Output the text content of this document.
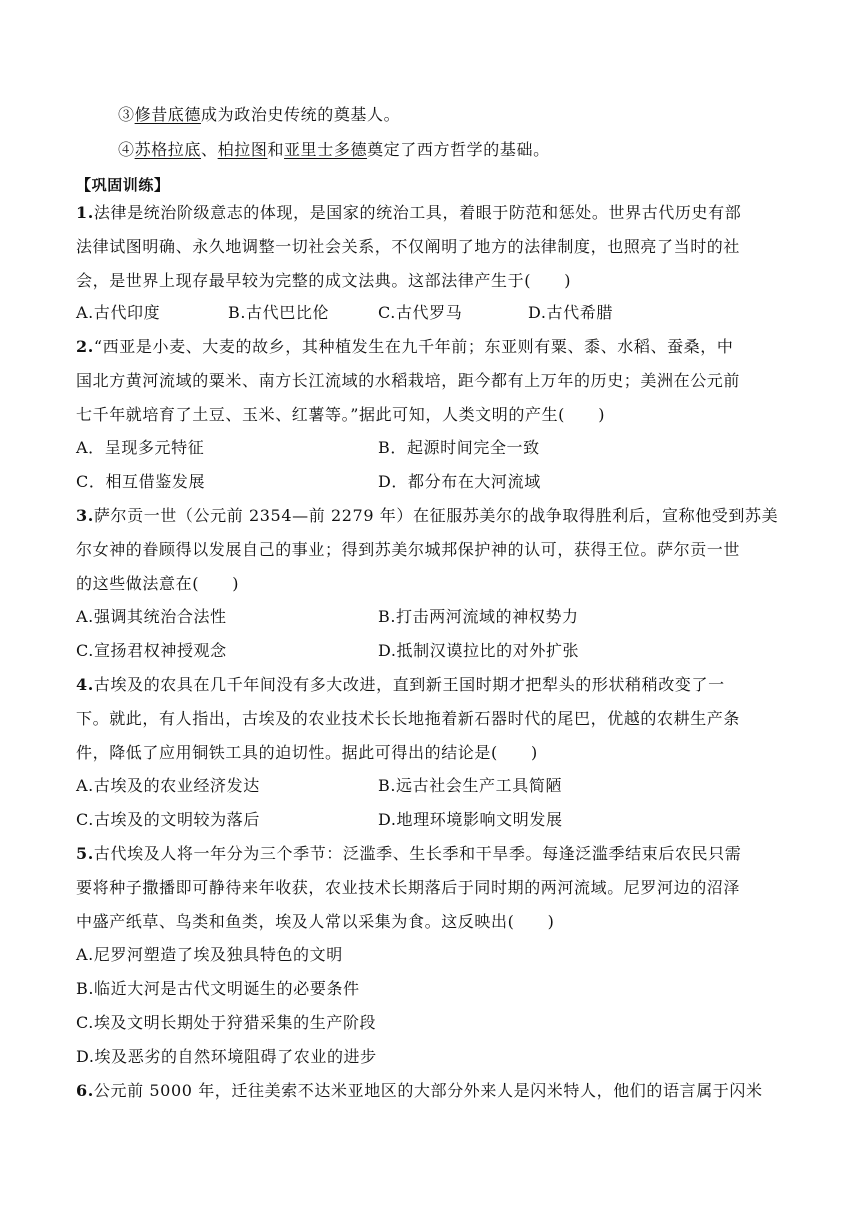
③修昔底德成为政治史传统的奠基人。
④苏格拉底、柏拉图和亚里士多德奠定了西方哲学的基础。
【巩固训练】
1.法律是统治阶级意志的体现，是国家的统治工具，着眼于防范和惩处。世界古代历史有部
法律试图明确、永久地调整一切社会关系，不仅阐明了地方的法律制度，也照亮了当时的社
会，是世界上现存最早较为完整的成文法典。这部法律产生于(　　)
A.古代印度	B.古代巴比伦	C.古代罗马	D.古代希腊
2.“西亚是小麦、大麦的故乡，其种植发生在九千年前；东亚则有粟、黍、水稻、蚕桑，中
国北方黄河流域的粟米、南方长江流域的水稻栽培，距今都有上万年的历史；美洲在公元前
七千年就培育了土豆、玉米、红薯等。”据此可知，人类文明的产生(　　)
A．呈现多元特征	B．起源时间完全一致
C．相互借鉴发展	D．都分布在大河流域
3.萨尔贡一世（公元前 2354—前 2279 年）在征服苏美尔的战争取得胜利后，宣称他受到苏美
尔女神的眷顾得以发展自己的事业；得到苏美尔城邦保护神的认可，获得王位。萨尔贡一世
的这些做法意在(　　)
A.强调其统治合法性	B.打击两河流域的神权势力
C.宣扬君权神授观念	D.抵制汉谟拉比的对外扩张
4.古埃及的农具在几千年间没有多大改进，直到新王国时期才把犁头的形状稍稍改变了一
下。就此，有人指出，古埃及的农业技术长长地拖着新石器时代的尾巴，优越的农耕生产条
件，降低了应用铜铁工具的迫切性。据此可得出的结论是(　　)
A.古埃及的农业经济发达	B.远古社会生产工具简陋
C.古埃及的文明较为落后	D.地理环境影响文明发展
5.古代埃及人将一年分为三个季节：泛滥季、生长季和干旱季。每逢泛滥季结束后农民只需
要将种子撒播即可静待来年收获，农业技术长期落后于同时期的两河流域。尼罗河边的沼泽
中盛产纸草、鸟类和鱼类，埃及人常以采集为食。这反映出(　　)
A.尼罗河塑造了埃及独具特色的文明
B.临近大河是古代文明诞生的必要条件
C.埃及文明长期处于狩猎采集的生产阶段
D.埃及恶劣的自然环境阻碍了农业的进步
6.公元前 5000 年，迁往美索不达米亚地区的大部分外来人是闪米特人，他们的语言属于闪米
